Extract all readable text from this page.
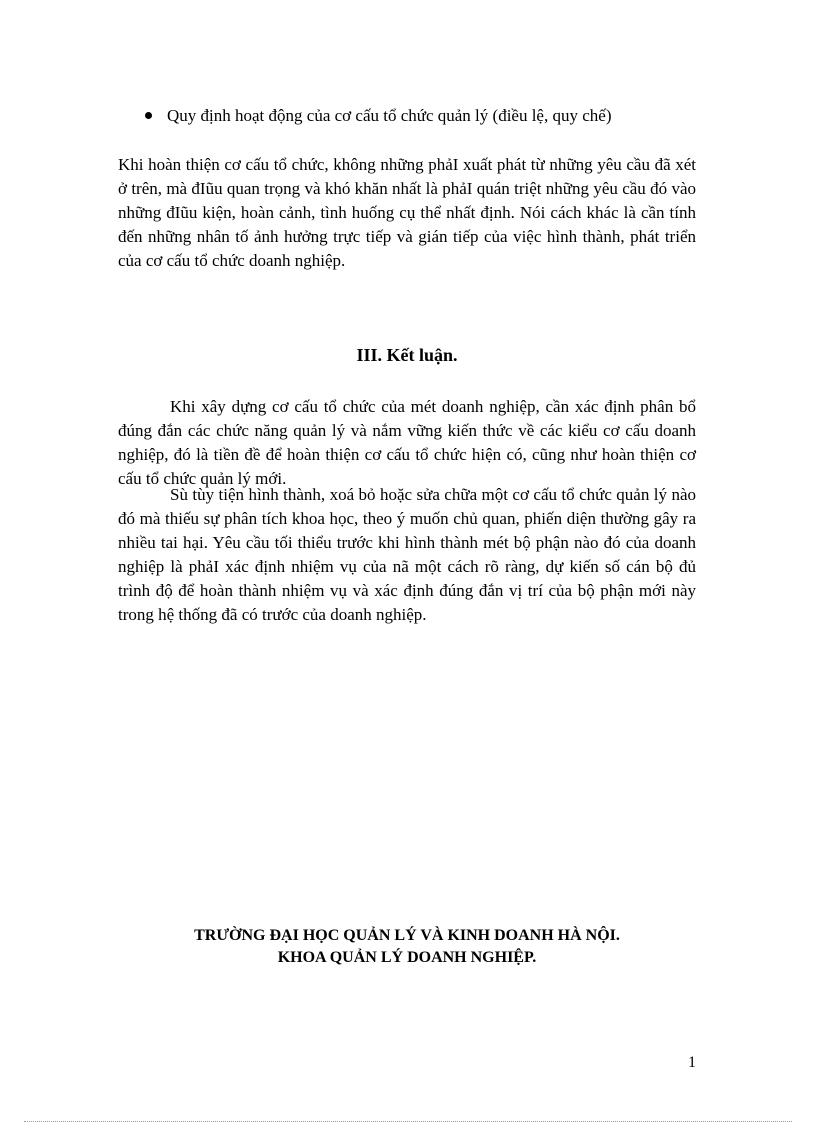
Quy định hoạt động của cơ cấu tổ chức quản lý (điều lệ, quy chế)

Khi hoàn thiện cơ cấu tổ chức, không những phảI xuất phát từ những yêu cầu đã xét ở trên, mà đIũu quan trọng và khó khăn nhất là phảI quán triệt những yêu cầu đó vào những đIũu kiện, hoàn cảnh, tình huống cụ thể nhất định. Nói cách khác là cần tính đến những nhân tố ảnh hưởng trực tiếp và gián tiếp của việc hình thành, phát triển của cơ cấu tổ chức doanh nghiệp.

III. Kết luận.

Khi xây dựng cơ cấu tổ chức của mét doanh nghiệp, cần xác định phân bổ đúng đắn các chức năng quản lý và nắm vững kiến thức về các kiểu cơ cấu doanh nghiệp, đó là tiền đề để hoàn thiện cơ cấu tổ chức hiện có, cũng như hoàn thiện cơ cấu tổ chức quản lý mới.

Sù tùy tiện hình thành, xoá bỏ hoặc sửa chữa một cơ cấu tổ chức quản lý nào đó mà thiếu sự phân tích khoa học, theo ý muốn chủ quan, phiến diện thường gây ra nhiều tai hại. Yêu cầu tối thiểu trước khi hình thành mét bộ phận nào đó của doanh nghiệp là phảI xác định nhiệm vụ của nã một cách rõ ràng, dự kiến số cán bộ đủ trình độ để hoàn thành nhiệm vụ và xác định đúng đắn vị trí của bộ phận mới này trong hệ thống đã có trước của doanh nghiệp.

TRƯỜNG ĐẠI HỌC QUẢN LÝ VÀ KINH DOANH HÀ NỘI.
KHOA QUẢN LÝ DOANH NGHIỆP.
1
